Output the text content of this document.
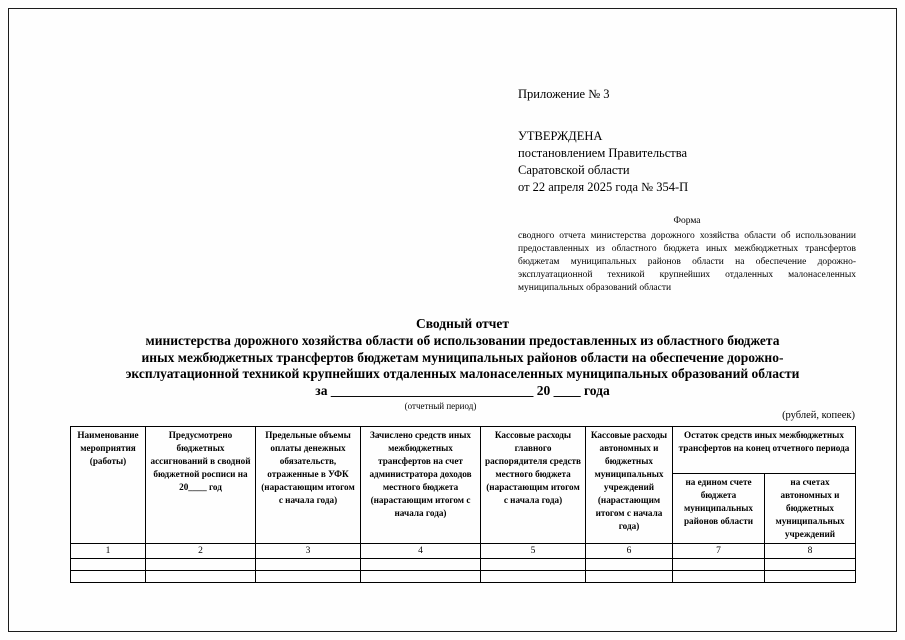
Приложение № 3
УТВЕРЖДЕНА
постановлением Правительства
Саратовской области
от 22 апреля 2025 года № 354-П
Форма
сводного отчета министерства дорожного хозяйства области об использовании предоставленных из областного бюджета иных межбюджетных трансфертов бюджетам муниципальных районов области на обеспечение дорожно-эксплуатационной техникой крупнейших отдаленных малонаселенных муниципальных образований области
Сводный отчет
министерства дорожного хозяйства области об использовании предоставленных из областного бюджета
иных межбюджетных трансфертов бюджетам муниципальных районов области на обеспечение дорожно-
эксплуатационной техникой крупнейших отдаленных малонаселенных муниципальных образований области
за ______________________________ 20 ____ года
(отчетный период)
(рублей, копеек)
Наименование мероприятия (работы)	Предусмотрено бюджетных ассигнований в сводной бюджетной росписи на 20____ год	Предельные объемы оплаты денежных обязательств, отраженные в УФК (нарастающим итогом с начала года)	Зачислено средств иных межбюджетных трансфертов на счет администратора доходов местного бюджета (нарастающим итогом с начала года)	Кассовые расходы главного распорядителя средств местного бюджета (нарастающим итогом с начала года)	Кассовые расходы автономных и бюджетных муниципальных учреждений (нарастающим итогом с начала года)	Остаток средств иных межбюджетных трансфертов на конец отчетного периода	
						на едином счете бюджета муниципальных районов области	на счетах автономных и бюджетных муниципальных учреждений
1	2	3	4	5	6	7	8
